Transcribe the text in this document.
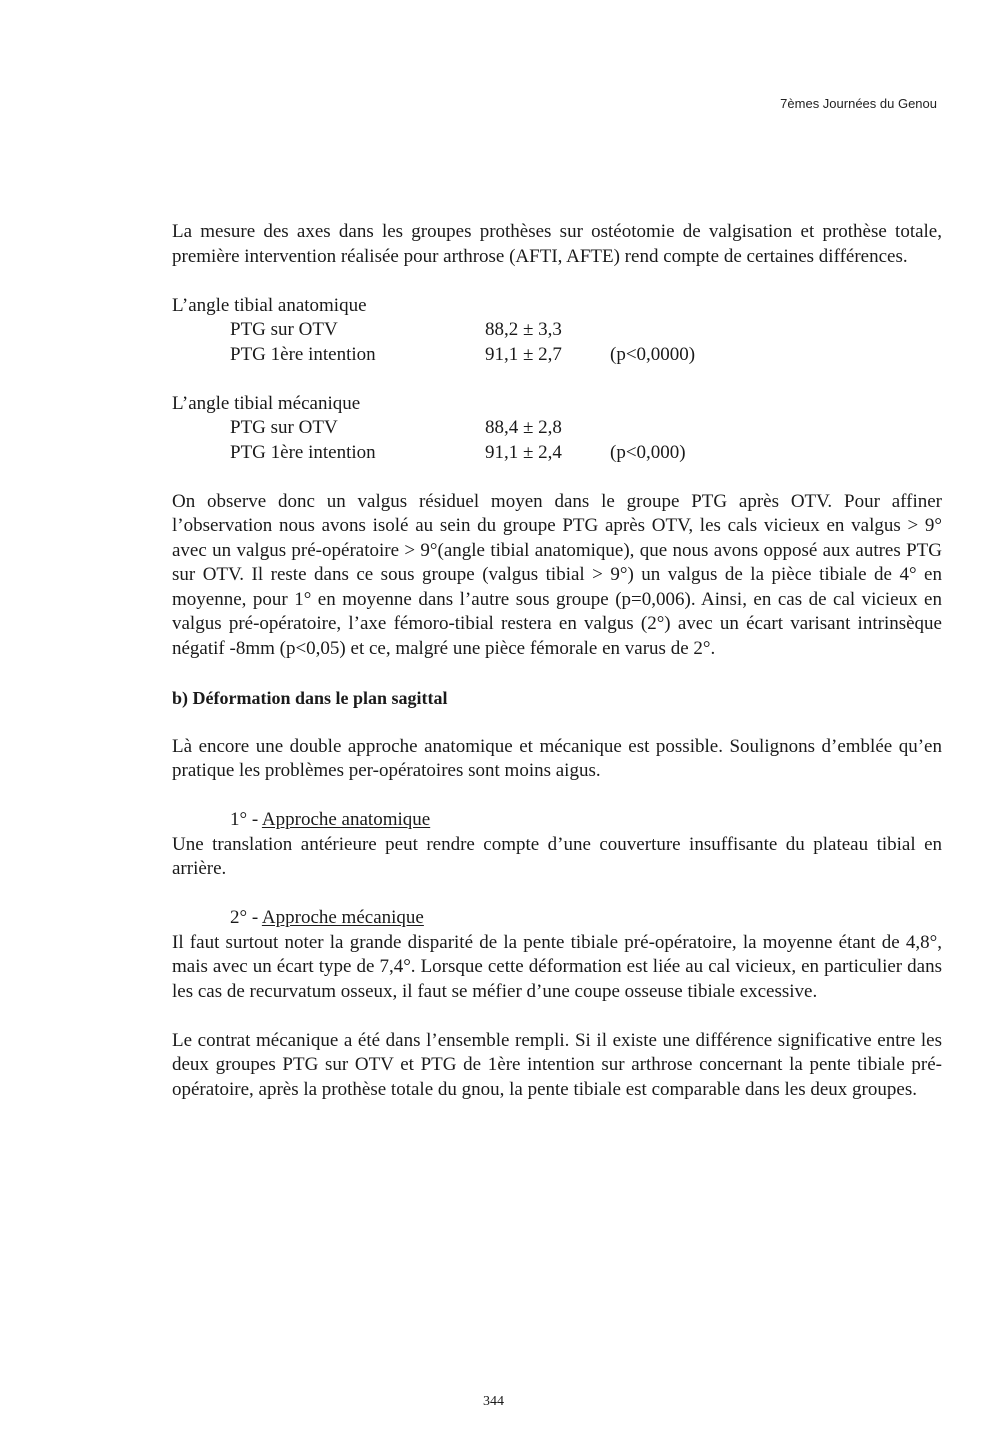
7èmes Journées du Genou

La mesure des axes dans les groupes prothèses sur ostéotomie de valgisation et prothèse totale, première intervention réalisée pour arthrose (AFTI, AFTE) rend compte de certaines différences.

L’angle tibial anatomique

PTG sur OTV	88,2 ± 3,3
PTG 1ère intention	91,1 ± 2,7	(p<0,0000)

L’angle tibial mécanique

PTG sur OTV	88,4 ± 2,8
PTG 1ère intention	91,1 ± 2,4	(p<0,000)

On observe donc un valgus résiduel moyen dans le groupe PTG après OTV. Pour affiner l’observation nous avons isolé au sein du groupe PTG après OTV, les cals vicieux en valgus > 9° avec un valgus pré-opératoire > 9°(angle tibial anatomique), que nous avons opposé aux autres PTG sur OTV. Il reste dans ce sous groupe (valgus tibial > 9°) un valgus de la pièce tibiale de 4° en moyenne, pour 1° en moyenne dans l’autre sous groupe (p=0,006). Ainsi, en cas de cal vicieux en valgus pré-opératoire, l’axe fémoro-tibial restera en valgus (2°) avec un écart varisant intrinsèque négatif -8mm (p<0,05) et ce, malgré une pièce fémorale en varus de 2°.

b) Déformation dans le plan sagittal

Là encore une double approche anatomique et mécanique est possible. Soulignons d’emblée qu’en pratique les problèmes per-opératoires sont moins aigus.

1° - Approche anatomique

Une translation antérieure peut rendre compte d’une couverture insuffisante du plateau tibial en arrière.

2° - Approche mécanique

Il faut surtout noter la grande disparité de la pente tibiale pré-opératoire, la moyenne étant de 4,8°, mais avec un écart type de 7,4°. Lorsque cette déformation est liée au cal vicieux, en particulier dans les cas de recurvatum osseux, il faut se méfier d’une coupe osseuse tibiale excessive.

Le contrat mécanique a été dans l’ensemble rempli. Si il existe une différence significative entre les deux groupes PTG sur OTV et PTG de 1ère intention sur arthrose concernant la pente tibiale pré-opératoire, après la prothèse totale du gnou, la pente tibiale est comparable dans les deux groupes.

344
